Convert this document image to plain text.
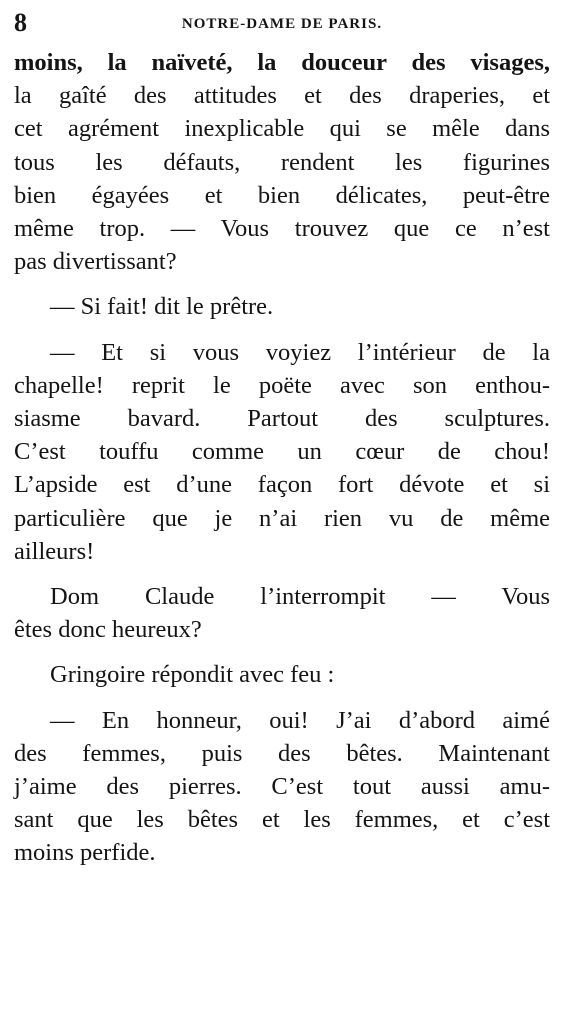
8	NOTRE-DAME DE PARIS.

moins, la naïveté, la douceur des visages,
la gaîté des attitudes et des draperies, et
cet agrément inexplicable qui se mêle dans
tous les défauts, rendent les figurines
bien égayées et bien délicates, peut-être
même trop. — Vous trouvez que ce n’est
pas divertissant?

— Si fait! dit le prêtre.

— Et si vous voyiez l’intérieur de la
chapelle! reprit le poëte avec son enthou-
siasme bavard. Partout des sculptures.
C’est touffu comme un cœur de chou!
L’apside est d’une façon fort dévote et si
particulière que je n’ai rien vu de même
ailleurs!

Dom Claude l’interrompit — Vous
êtes donc heureux?

Gringoire répondit avec feu :

— En honneur, oui! J’ai d’abord aimé
des femmes, puis des bêtes. Maintenant
j’aime des pierres. C’est tout aussi amu-
sant que les bêtes et les femmes, et c’est
moins perfide.
